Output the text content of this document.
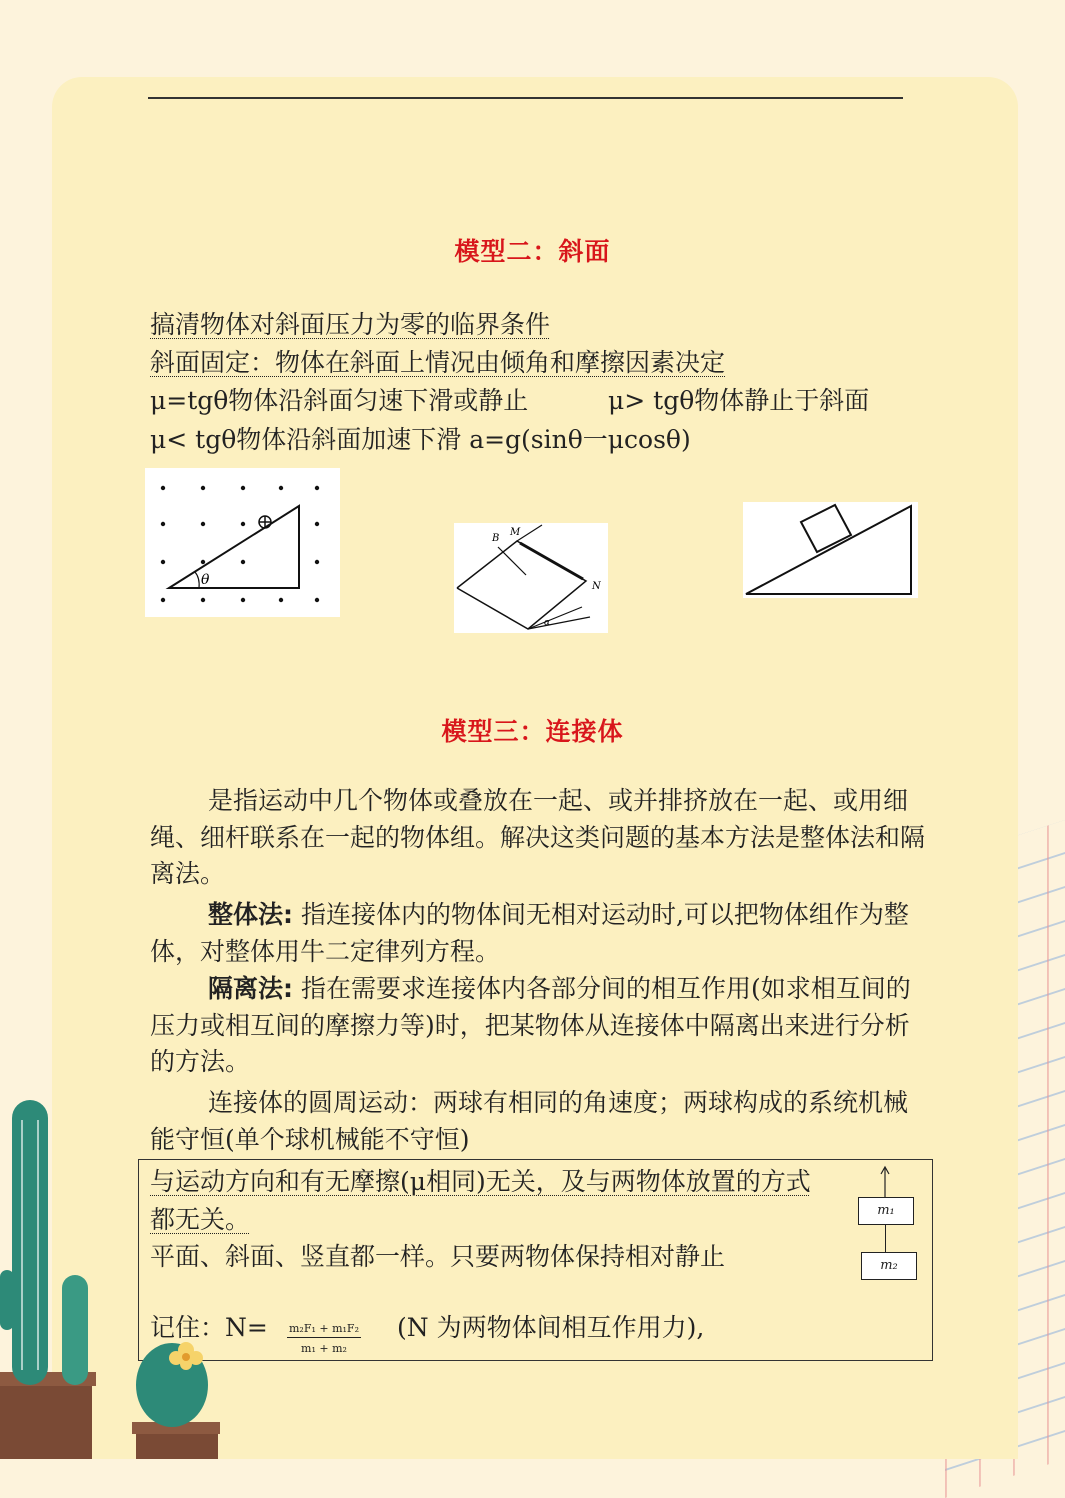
模型二：斜面
搞清物体对斜面压力为零的临界条件
斜面固定：物体在斜面上情况由倾角和摩擦因素决定
μ=tgθ物体沿斜面匀速下滑或静止	μ> tgθ物体静止于斜面
μ< tgθ物体沿斜面加速下滑 a=g(sinθ一μcosθ)
θ
B
M
N
α
模型三：连接体
是指运动中几个物体或叠放在一起、或并排挤放在一起、或用细绳、细杆联系在一起的物体组。解决这类问题的基本方法是整体法和隔离法。
整体法: 指连接体内的物体间无相对运动时,可以把物体组作为整体，对整体用牛二定律列方程。
隔离法: 指在需要求连接体内各部分间的相互作用(如求相互间的压力或相互间的摩擦力等)时，把某物体从连接体中隔离出来进行分析的方法。
连接体的圆周运动：两球有相同的角速度；两球构成的系统机械能守恒(单个球机械能不守恒)
与运动方向和有无摩擦(μ相同)无关，及与两物体放置的方式
都无关。
平面、斜面、竖直都一样。只要两物体保持相对静止
记住：$N= \frac{\text{m₂F₁ + m₁F₂}}{\text{m₁ + m₂}} (N$ 为两物体间相互作用力),
m₁
m₂
